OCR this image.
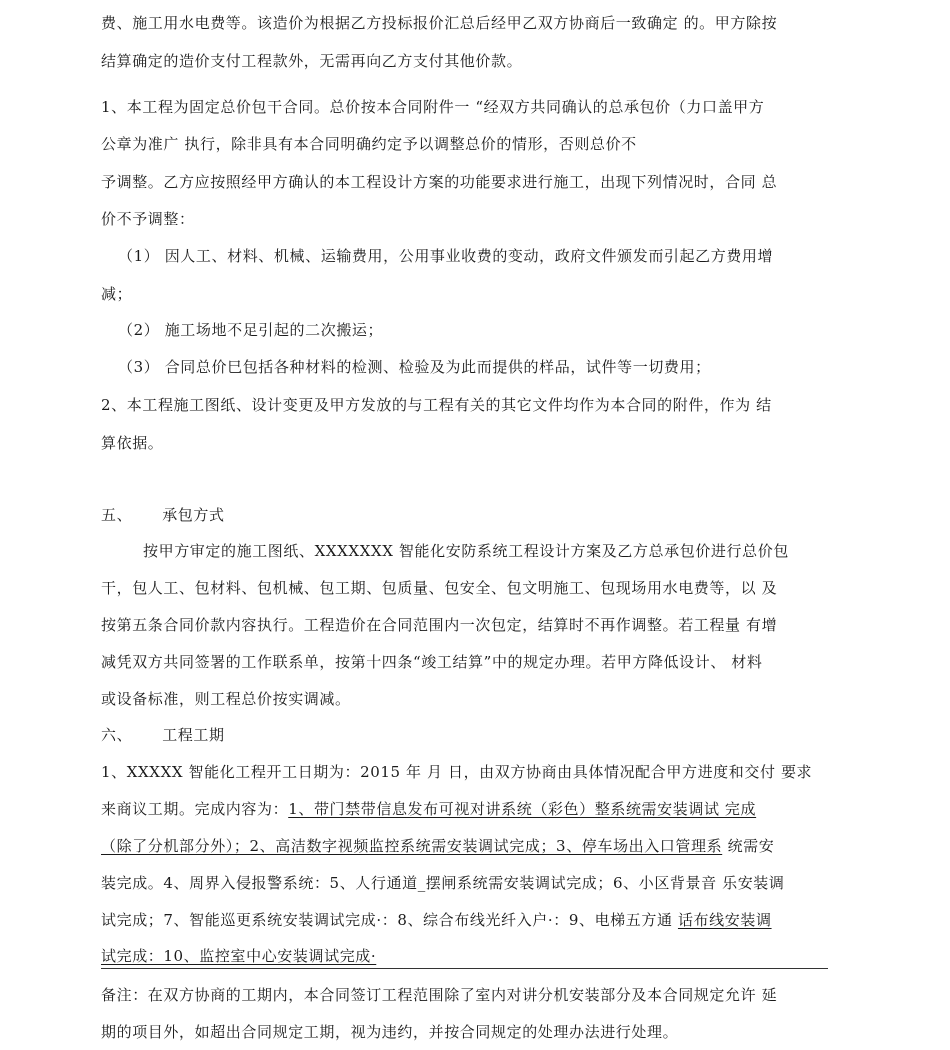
费、施工用水电费等。该造价为根据乙方投标报价汇总后经甲乙双方协商后一致确定 的。甲方除按
结算确定的造价支付工程款外，无需再向乙方支付其他价款。
1、本工程为固定总价包干合同。总价按本合同附件一 “经双方共同确认的总承包价（力口盖甲方
公章为准广 执行，除非具有本合同明确约定予以调整总价的情形，否则总价不
予调整。乙方应按照经甲方确认的本工程设计方案的功能要求进行施工，出现下列情况时，合同 总
价不予调整：
（1） 因人工、材料、机械、运输费用，公用事业收费的变动，政府文件颁发而引起乙方费用增
减；
（2） 施工场地不足引起的二次搬运；
（3） 合同总价巳包括各种材料的检测、检验及为此而提供的样品，试件等一切费用；
2、本工程施工图纸、设计变更及甲方发放的与工程有关的其它文件均作为本合同的附件，作为 结
算依据。
五、 承包方式
按甲方审定的施工图纸、XXXXXXX 智能化安防系统工程设计方案及乙方总承包价进行总价包
干，包人工、包材料、包机械、包工期、包质量、包安全、包文明施工、包现场用水电费等，以 及
按第五条合同价款内容执行。工程造价在合同范围内一次包定，结算时不再作调整。若工程量 有增
减凭双方共同签署的工作联系单，按第十四条“竣工结算”中的规定办理。若甲方降低设计、 材料
或设备标准，则工程总价按实调减。
六、 工程工期
1、XXXXX 智能化工程开工日期为：2015 年 月 日，由双方协商由具体情况配合甲方进度和交付 要求
来商议工期。完成内容为：1、带门禁带信息发布可视对讲系统（彩色）整系统需安装调试 完成
（除了分机部分外）；2、高洁数字视频监控系统需安装调试完成；3、停车场出入口管理系 统需安
装完成。4、周界入侵报警系统：5、人行通道_摆闸系统需安装调试完成；6、小区背景音 乐安装调
试完成；7、智能巡更系统安装调试完成·：8、综合布线光纤入户·：9、电梯五方通 话布线安装调
试完成：10、监控室中心安装调试完成·
备注：在双方协商的工期内，本合同签订工程范围除了室内对讲分机安装部分及本合同规定允许 延
期的项目外，如超出合同规定工期，视为违约，并按合同规定的处理办法进行处理。
